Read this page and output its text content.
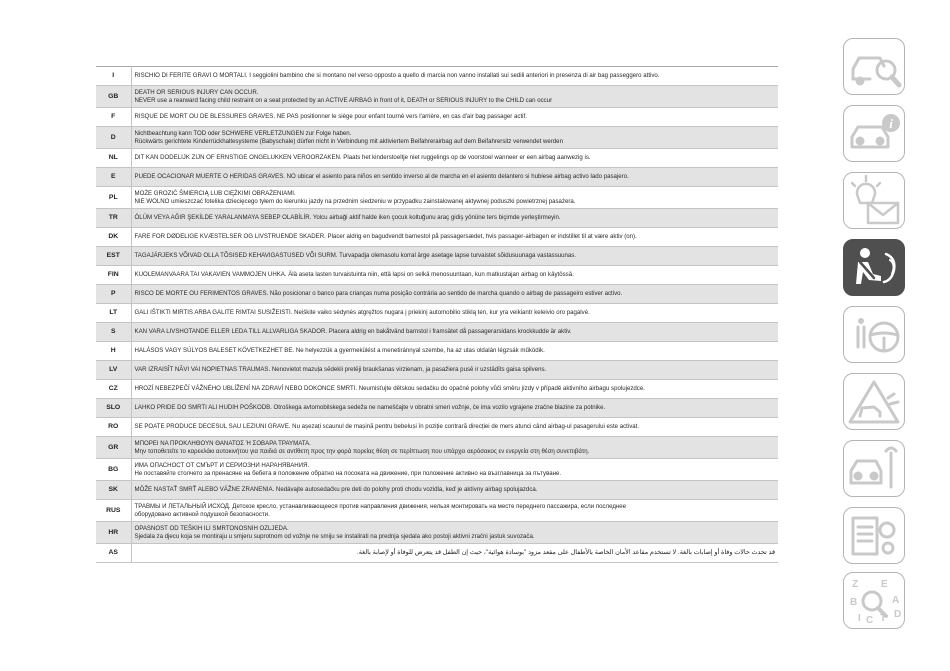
I	RISCHIO DI FERITE GRAVI O MORTALI. I seggiolini bambino che si montano nel verso opposto a quello di marcia non vanno installati sui sedili anteriori in presenza di air bag passeggero attivo.

GB	DEATH OR SERIOUS INJURY CAN OCCUR.
NEVER use a rearward facing child restraint on a seat protected by an ACTIVE AIRBAG in front of it, DEATH or SERIOUS INJURY to the CHILD can occur

F	RISQUE DE MORT OU DE BLESSURES GRAVES. NE PAS positionner le siège pour enfant tourné vers l'arrière, en cas d'air bag passager actif.

D	Nichtbeachtung kann TOD oder SCHWERE VERLETZUNGEN zur Folge haben.
Rückwärts gerichtete Kinderrückhaltesysteme (Babyschale) dürfen nicht in Verbindung mit aktiviertem Beifahrerairbag auf dem Beifahrersitz verwendet werden

NL	DIT KAN DODELIJK ZIJN OF ERNSTIGE ONGELUKKEN VEROORZAKEN. Plaats het kinderstoeltje niet ruggelings op de voorstoel wanneer er een airbag aanwezig is.

E	PUEDE OCACIONAR MUERTE O HERIDAS GRAVES. NO ubicar el asiento para niños en sentido inverso al de marcha en el asiento delantero si hubiese airbag activo lado pasajero.

PL	MOŻE GROZIĆ ŚMIERCIĄ LUB CIĘŻKIMI OBRAŻENIAMI.
NIE WOLNO umieszczać fotelika dziecięcego tyłem do kierunku jazdy na przednim siedzeniu w przypadku zainstalowanej aktywnej poduszki powietrznej pasażera.

TR	ÖLÜM VEYA AĞIR ŞEKİLDE YARALANMAYA SEBEP OLABİLİR. Yolcu airbaği aktif halde iken çocuk koltuğunu araç gidiş yönüne ters biçimde yerleştirmeyin.

DK	FARE FOR DØDELIGE KVÆSTELSER OG LIVSTRUENDE SKADER. Placer aldrig en bagudvendt barnestol på passagersædet, hvis passager-airbagen er indstillet til at være aktiv (on).

EST	TAGAJÄRJEKS VÕIVAD OLLA TÕSISED KEHAVIGASTUSED VÕI SURM. Turvapadja olemasolu korral ärge asetage lapse turvaistet sõidusuunaga vastassuunas.

FIN	KUOLEMANVAARA TAI VAKAVIEN VAMMOJEN UHKA. Älä aseta lasten turvaistuinta niin, että lapsi on selkä menosuuntaan, kun matkustajan airbag on käytössä.

P	RISCO DE MORTE OU FERIMENTOS GRAVES. Não posicionar o banco para crianças numa posição contrária ao sentido de marcha quando o airbag de passageiro estiver activo.

LT	GALI IŠTIKTI MIRTIS ARBA GALITE RIMTAI SUSIŽEISTI. Neiškite vaiko sėdynės atgręžtos nugara į priekinį automobilio stiklą ten, kur yra veikiantr keleivio oro pagalvė.

S	KAN VARA LIVSHOTANDE ELLER LEDA TILL ALLVARLIGA SKADOR. Placera aldrig en bakåtvänd barnstol i framsätet då passagerarsidans krockkudde är aktiv.

H	HALÁSOS VAGY SÚLYOS BALESET KÖVETKEZHET BE. Ne helyezzük a gyermekülést a menetiránnyal szembe, ha az utas oldalán légzsák működik.

LV	VAR IZRAISĪT NĀVI VAI NOPIETNAS TRAUMAS. Nenovietot mazuļa sēdekli pretēji braukšanas virzienam, ja pasažiera pusē ir uzstādīts gaisa spilvens.

CZ	HROZÍ NEBEZPEČÍ VÁŽNÉHO UBLÍŽENÍ NA ZDRAVÍ NEBO DOKONCE SMRTI. Neumisťujte dětskou sedačku do opačné polohy vůči směru jízdy v případě aktivního airbagu spolujezdce.

SLO	LAHKO PRIDE DO SMRTI ALI HUDIH POŠKODB. Otroškega avtomobilskega sedeža ne nameščajte v obratni smeri vožnje, če ima vozilo vgrajene zračne blazine za potnike.

RO	SE POATE PRODUCE DECESUL SAU LEZIUNI GRAVE. Nu așezați scaunul de mașină pentru bebeluși în poziție contrară direcției de mers atunci când airbag-ul pasagerului este activat.

GR	ΜΠΟΡΕΙ ΝΑ ΠΡΟΚΛΗΘΟΥΝ ΘΑΝΑΤΟΣ Ή ΣΟΒΑΡΑ ΤΡΑΥΜΑΤΑ.
Μην τοποθετείτε το καρεκλάκι αυτοκινήτου για παιδιά σε αντίθετη προς την φορά πορείας θέση σε περίπτωση που υπάρχει αερόσακος εν ενεργεία στη θέση συνεπιβάτη.

BG	ИМА ОПАСНОСТ ОТ СМЪРТ И СЕРИОЗНИ НАРАНЯВАНИЯ.
Не поставяйте столчето за пренасяне на бебета в положение обратно на посоката на движение, при положение активно на възглавница за пътуване.

SK	MÔŽE NASTAŤ SMRŤ ALEBO VÁŽNE ZRANENIA. Nedávajte autosedačku pre deti do polohy proti chodu vozidla, keď je aktívny airbag spolujazdca.

RUS	ТРАВМЫ И ЛЕТАЛЬНЫЙ ИСХОД. Детское кресло, устанавливающееся против направления движения, нельзя монтировать на месте переднего пассажира, если последнее
оборудовано активной подушкой безопасности.

HR	OPASNOST OD TEŠKIH ILI SMRTONOSNIH OZLJEDA.
Sjedala za djecu koja se montiraju u smjeru suprotnom od vožnje ne smiju se instalirati na prednja sjedala ako postoji aktivni zračni jastuk suvozača.

AS	قد تحدث حالات وفاة أو إصابات بالغة. لا تستخدم مقاعد الأمان الخاصة بالأطفال على مقعد مزود "بوسادة هوائية"، حيث إن الطفل قد يتعرض للوفاة أو لإصابة بالغة.
i
Z E
B	A
I C T D
